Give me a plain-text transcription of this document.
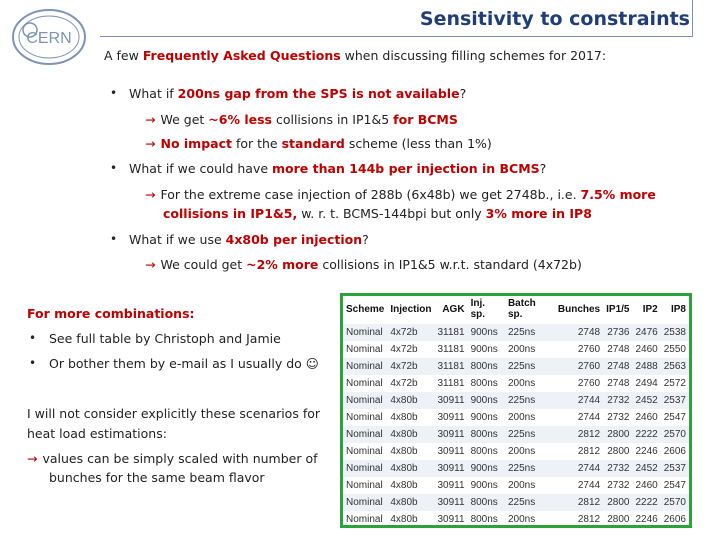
CERN
Sensitivity to constraints
A few Frequently Asked Questions when discussing filling schemes for 2017:
• What if 200ns gap from the SPS is not available?
→ We get ~6% less collisions in IP1&5 for BCMS
→ No impact for the standard scheme (less than 1%)
• What if we could have more than 144b per injection in BCMS?
→ For the extreme case injection of 288b (6x48b) we get 2748b., i.e. 7.5% more
collisions in IP1&5, w. r. t. BCMS-144bpi but only 3% more in IP8
• What if we use 4x80b per injection?
→ We could get ~2% more collisions in IP1&5 w.r.t. standard (4x72b)
For more combinations:
• See full table by Christoph and Jamie
• Or bother them by e-mail as I usually do ☺
I will not consider explicitly these scenarios for
heat load estimations:
→ values can be simply scaled with number of
bunches for the same beam flavor
Scheme	Injection	AGK	Inj. sp.	Batch sp.	Bunches	IP1/5	IP2	IP8
Nominal	4x72b	31181	900ns	225ns	2748	2736	2476	2538
Nominal	4x72b	31181	900ns	200ns	2760	2748	2460	2550
Nominal	4x72b	31181	800ns	225ns	2760	2748	2488	2563
Nominal	4x72b	31181	800ns	200ns	2760	2748	2494	2572
Nominal	4x80b	30911	900ns	225ns	2744	2732	2452	2537
Nominal	4x80b	30911	900ns	200ns	2744	2732	2460	2547
Nominal	4x80b	30911	800ns	225ns	2812	2800	2222	2570
Nominal	4x80b	30911	800ns	200ns	2812	2800	2246	2606
Nominal	4x80b	30911	900ns	225ns	2744	2732	2452	2537
Nominal	4x80b	30911	900ns	200ns	2744	2732	2460	2547
Nominal	4x80b	30911	800ns	225ns	2812	2800	2222	2570
Nominal	4x80b	30911	800ns	200ns	2812	2800	2246	2606
